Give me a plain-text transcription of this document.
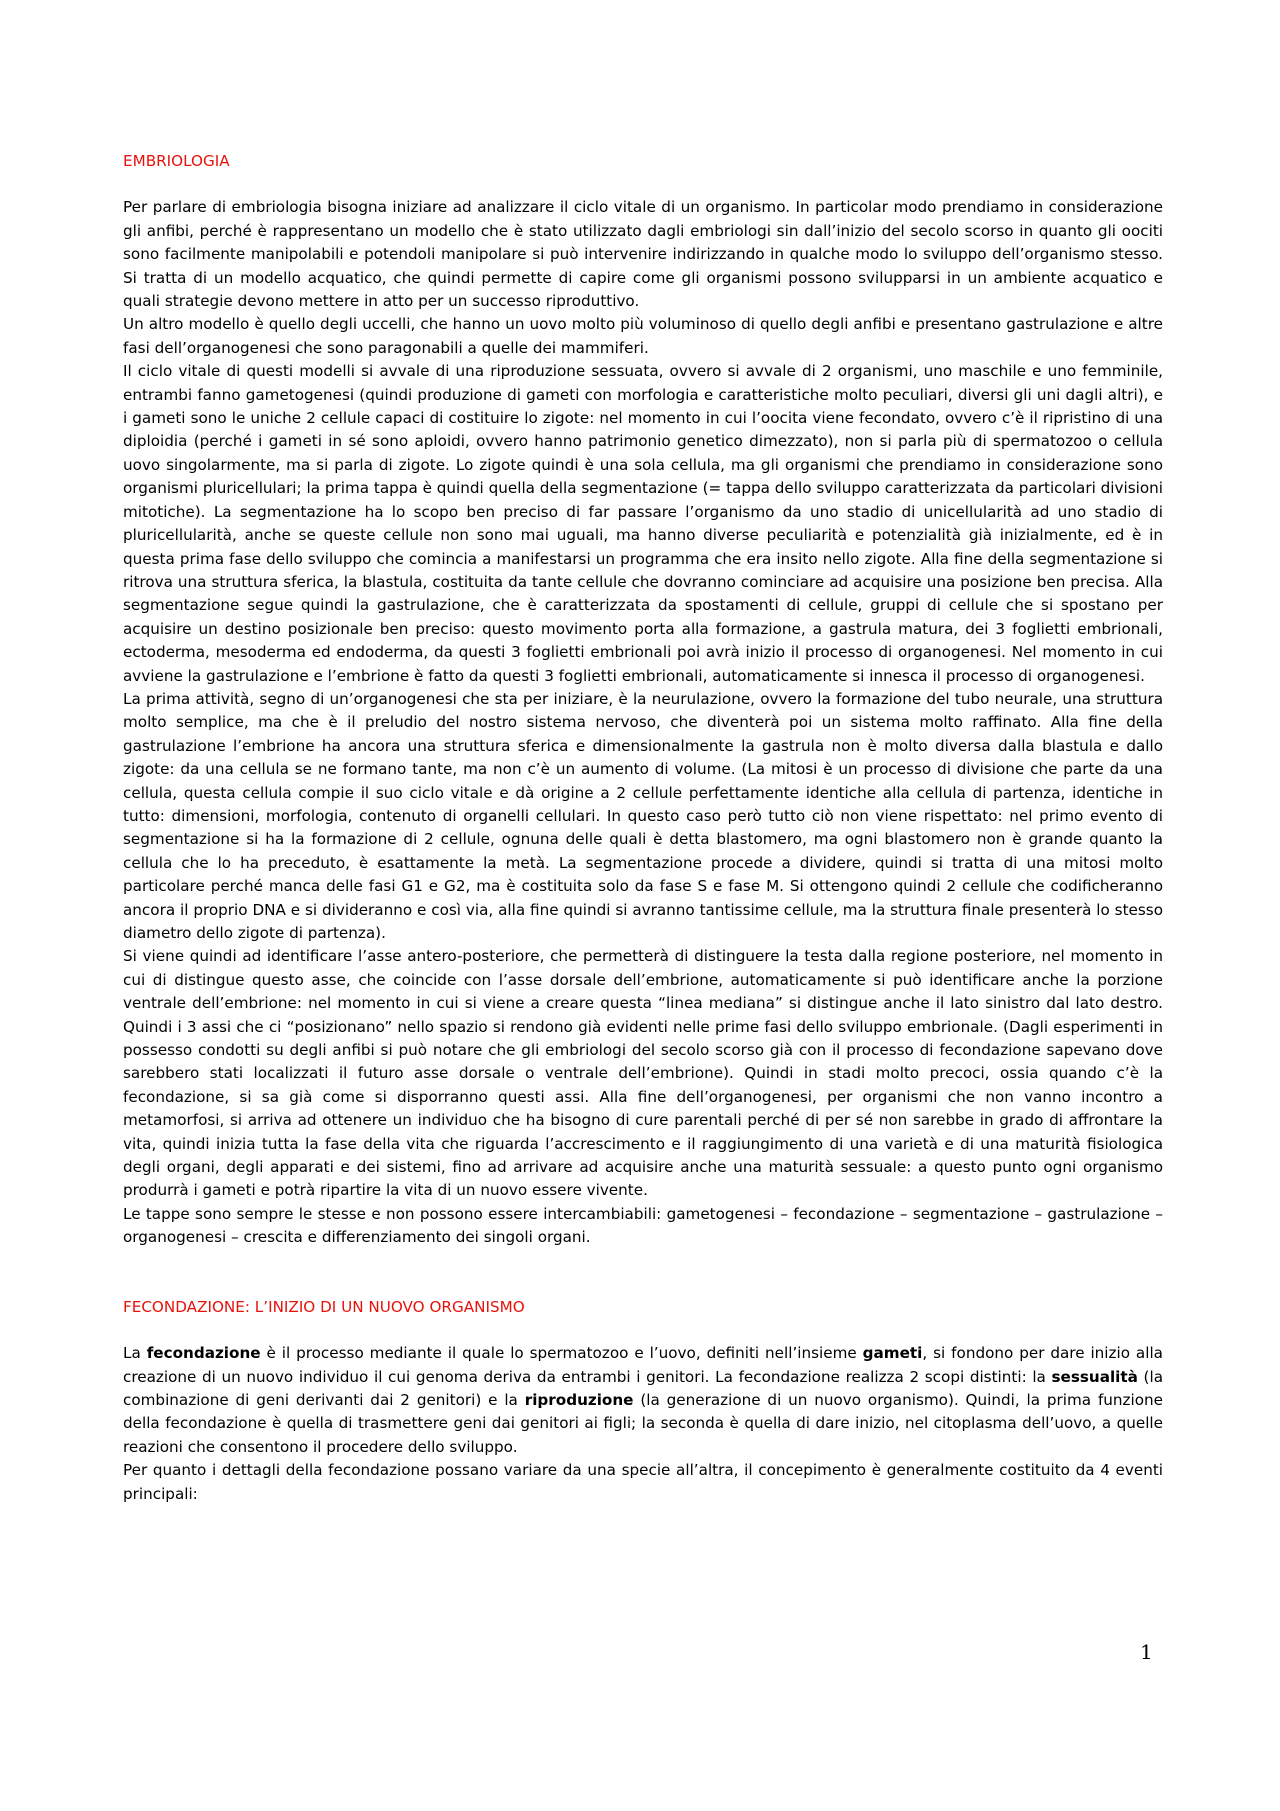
EMBRIOLOGIA

Per parlare di embriologia bisogna iniziare ad analizzare il ciclo vitale di un organismo. In particolar modo prendiamo in considerazione gli anfibi, perché è rappresentano un modello che è stato utilizzato dagli embriologi sin dall’inizio del secolo scorso in quanto gli oociti sono facilmente manipolabili e potendoli manipolare si può intervenire indirizzando in qualche modo lo sviluppo dell’organismo stesso. Si tratta di un modello acquatico, che quindi permette di capire come gli organismi possono svilupparsi in un ambiente acquatico e quali strategie devono mettere in atto per un successo riproduttivo.

Un altro modello è quello degli uccelli, che hanno un uovo molto più voluminoso di quello degli anfibi e presentano gastrulazione e altre fasi dell’organogenesi che sono paragonabili a quelle dei mammiferi.

Il ciclo vitale di questi modelli si avvale di una riproduzione sessuata, ovvero si avvale di 2 organismi, uno maschile e uno femminile, entrambi fanno gametogenesi (quindi produzione di gameti con morfologia e caratteristiche molto peculiari, diversi gli uni dagli altri), e i gameti sono le uniche 2 cellule capaci di costituire lo zigote: nel momento in cui l’oocita viene fecondato, ovvero c’è il ripristino di una diploidia (perché i gameti in sé sono aploidi, ovvero hanno patrimonio genetico dimezzato), non si parla più di spermatozoo o cellula uovo singolarmente, ma si parla di zigote. Lo zigote quindi è una sola cellula, ma gli organismi che prendiamo in considerazione sono organismi pluricellulari; la prima tappa è quindi quella della segmentazione (= tappa dello sviluppo caratterizzata da particolari divisioni mitotiche). La segmentazione ha lo scopo ben preciso di far passare l’organismo da uno stadio di unicellularità ad uno stadio di pluricellularità, anche se queste cellule non sono mai uguali, ma hanno diverse peculiarità e potenzialità già inizialmente, ed è in questa prima fase dello sviluppo che comincia a manifestarsi un programma che era insito nello zigote. Alla fine della segmentazione si ritrova una struttura sferica, la blastula, costituita da tante cellule che dovranno cominciare ad acquisire una posizione ben precisa. Alla segmentazione segue quindi la gastrulazione, che è caratterizzata da spostamenti di cellule, gruppi di cellule che si spostano per acquisire un destino posizionale ben preciso: questo movimento porta alla formazione, a gastrula matura, dei 3 foglietti embrionali, ectoderma, mesoderma ed endoderma, da questi 3 foglietti embrionali poi avrà inizio il processo di organogenesi. Nel momento in cui avviene la gastrulazione e l’embrione è fatto da questi 3 foglietti embrionali, automaticamente si innesca il processo di organogenesi.

La prima attività, segno di un’organogenesi che sta per iniziare, è la neurulazione, ovvero la formazione del tubo neurale, una struttura molto semplice, ma che è il preludio del nostro sistema nervoso, che diventerà poi un sistema molto raffinato. Alla fine della gastrulazione l’embrione ha ancora una struttura sferica e dimensionalmente la gastrula non è molto diversa dalla blastula e dallo zigote: da una cellula se ne formano tante, ma non c’è un aumento di volume. (La mitosi è un processo di divisione che parte da una cellula, questa cellula compie il suo ciclo vitale e dà origine a 2 cellule perfettamente identiche alla cellula di partenza, identiche in tutto: dimensioni, morfologia, contenuto di organelli cellulari. In questo caso però tutto ciò non viene rispettato: nel primo evento di segmentazione si ha la formazione di 2 cellule, ognuna delle quali è detta blastomero, ma ogni blastomero non è grande quanto la cellula che lo ha preceduto, è esattamente la metà. La segmentazione procede a dividere, quindi si tratta di una mitosi molto particolare perché manca delle fasi G1 e G2, ma è costituita solo da fase S e fase M. Si ottengono quindi 2 cellule che codificheranno ancora il proprio DNA e si divideranno e così via, alla fine quindi si avranno tantissime cellule, ma la struttura finale presenterà lo stesso diametro dello zigote di partenza).

Si viene quindi ad identificare l’asse antero-posteriore, che permetterà di distinguere la testa dalla regione posteriore, nel momento in cui di distingue questo asse, che coincide con l’asse dorsale dell’embrione, automaticamente si può identificare anche la porzione ventrale dell’embrione: nel momento in cui si viene a creare questa “linea mediana” si distingue anche il lato sinistro dal lato destro. Quindi i 3 assi che ci “posizionano” nello spazio si rendono già evidenti nelle prime fasi dello sviluppo embrionale. (Dagli esperimenti in possesso condotti su degli anfibi si può notare che gli embriologi del secolo scorso già con il processo di fecondazione sapevano dove sarebbero stati localizzati il futuro asse dorsale o ventrale dell’embrione). Quindi in stadi molto precoci, ossia quando c’è la fecondazione, si sa già come si disporranno questi assi. Alla fine dell’organogenesi, per organismi che non vanno incontro a metamorfosi, si arriva ad ottenere un individuo che ha bisogno di cure parentali perché di per sé non sarebbe in grado di affrontare la vita, quindi inizia tutta la fase della vita che riguarda l’accrescimento e il raggiungimento di una varietà e di una maturità fisiologica degli organi, degli apparati e dei sistemi, fino ad arrivare ad acquisire anche una maturità sessuale: a questo punto ogni organismo produrrà i gameti e potrà ripartire la vita di un nuovo essere vivente.

Le tappe sono sempre le stesse e non possono essere intercambiabili: gametogenesi – fecondazione – segmentazione – gastrulazione – organogenesi – crescita e differenziamento dei singoli organi.

FECONDAZIONE: L’INIZIO DI UN NUOVO ORGANISMO

La fecondazione è il processo mediante il quale lo spermatozoo e l’uovo, definiti nell’insieme gameti, si fondono per dare inizio alla creazione di un nuovo individuo il cui genoma deriva da entrambi i genitori. La fecondazione realizza 2 scopi distinti: la sessualità (la combinazione di geni derivanti dai 2 genitori) e la riproduzione (la generazione di un nuovo organismo). Quindi, la prima funzione della fecondazione è quella di trasmettere geni dai genitori ai figli; la seconda è quella di dare inizio, nel citoplasma dell’uovo, a quelle reazioni che consentono il procedere dello sviluppo.

Per quanto i dettagli della fecondazione possano variare da una specie all’altra, il concepimento è generalmente costituito da 4 eventi principali:

1
